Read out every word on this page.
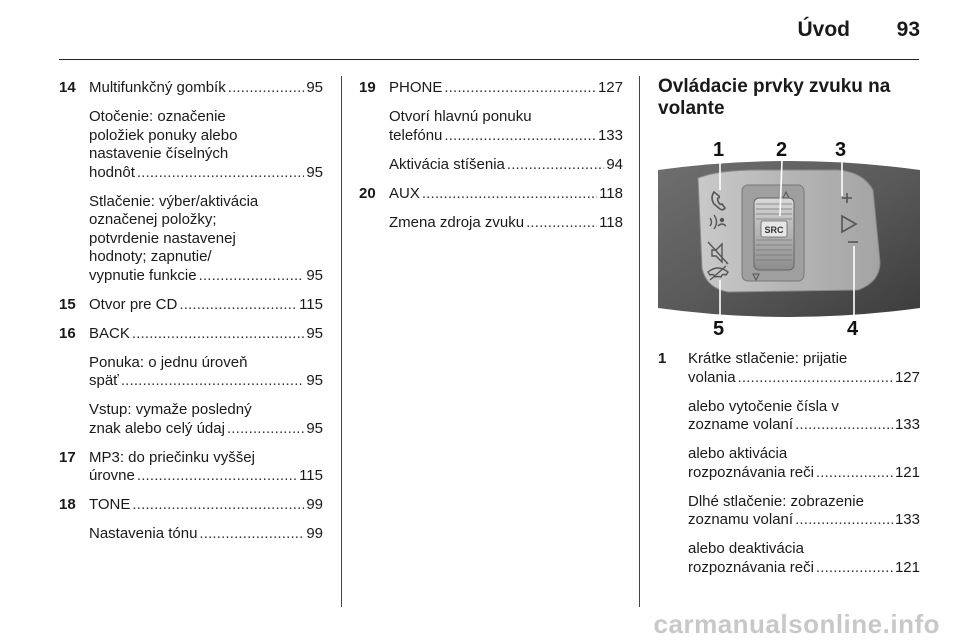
Úvod 93
14 Multifunkčný gombík . . .	95
Otočenie: označenie
položiek ponuky alebo
nastavenie číselných
hodnôt . . .	95
Stlačenie: výber/aktivácia
označenej položky;
potvrdenie nastavenej
hodnoty; zapnutie/
vypnutie funkcie . . .	95
15 Otvor pre CD . . .	115
16 BACK . . .	95
Ponuka: o jednu úroveň
späť . . .	95
Vstup: vymaže posledný
znak alebo celý údaj . . .	95
17 MP3: do priečinku vyššej
úrovne . . .	115
18 TONE . . .	99
Nastavenia tónu . . .	99
19 PHONE . . .	127
Otvorí hlavnú ponuku
telefónu . . .	133
Aktivácia stíšenia . . .	94
20 AUX . . .	118
Zmena zdroja zvuku . . .	118
Ovládacie prvky zvuku na volante
SRC
1	2 3
4
5
1 Krátke stlačenie: prijatie
volania . . .	127
alebo vytočenie čísla v
zozname volaní . . .	133
alebo aktivácia
rozpoznávania reči . . .	121
Dlhé stlačenie: zobrazenie
zoznamu volaní . . .	133
alebo deaktivácia
rozpoznávania reči . . .	121
carmanualsonline.info
